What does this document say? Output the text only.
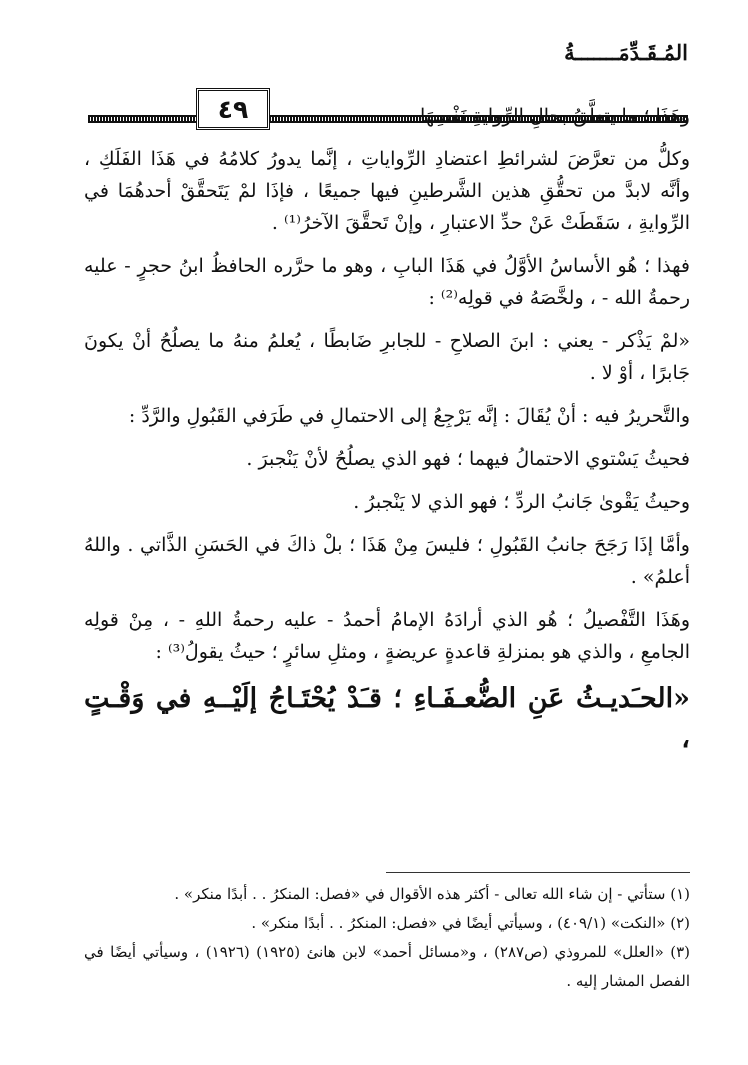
٤٩
المُـقَـدِّمَـــــــةُ

وهَذَا ؛ ما يتعلَّقُ بحالِ الرِّوايةِ نَفْسِهَا .

وكلُّ من تعرَّضَ لشرائطِ اعتضادِ الرِّواياتِ ، إنَّما يدورُ كلامُهُ في هَذَا الفَلَكِ ، وأنَّه لابدَّ من تحقُّقِ هذين الشَّرطينِ فيها جميعًا ، فإذَا لمْ يَتَحقَّقْ أحدهُمَا في الرِّوايةِ ، سَقَطَتْ عَنْ حدِّ الاعتبارِ ، وإنْ تَحقَّقَ الآخرُ⁽¹⁾ .

فهذا ؛ هُو الأساسُ الأوَّلُ في هَذَا البابِ ، وهو ما حرَّره الحافظُ ابنُ حجرٍ - عليه رحمةُ الله - ، ولخَّصَهُ في قولِه⁽²⁾ :

«لمْ يَذْكر - يعني : ابنَ الصلاحِ - للجابرِ ضَابطًا ، يُعلمُ منهُ ما يصلُحُ أنْ يكونَ جَابرًا ، أوْ لا .

والتَّحريرُ فيه : أنْ يُقَالَ : إنَّه يَرْجِعُ إلى الاحتمالِ في طَرَفي القَبُولِ والرَّدِّ :

فحيثُ يَسْتوي الاحتمالُ فيهما ؛ فهو الذي يصلُحُ لأنْ يَنْجبرَ .

وحيثُ يَقْوىٰ جَانبُ الردِّ ؛ فهو الذي لا يَنْجبرُ .

وأمَّا إذَا رَجَحَ جانبُ القَبُولِ ؛ فليسَ مِنْ هَذَا ؛ بلْ ذاكَ في الحَسَنِ الذَّاتي . واللهُ أعلمُ» .

وهَذَا التَّفْصيلُ ؛ هُو الذي أرادَهُ الإمامُ أحمدُ - عليه رحمةُ اللهِ - ، مِنْ قولِه الجامعِ ، والذي هو بمنزلةِ قاعدةٍ عريضةٍ ، ومثلِ سائرٍ ؛ حيثُ يقولُ⁽³⁾ :

«الحـَديـثُ عَنِ الضُّعـفَـاءِ ؛ قـَدْ يُحْتَـاجُ إلَيْــهِ في وَقْـتٍ ،

(١) ستأتي - إن شاء الله تعالى - أكثر هذه الأقوال في «فصل: المنكرُ . . أبدًا منكر» .

(٢) «النكت» (٤٠٩/١) ، وسيأتي أيضًا في «فصل: المنكرُ . . أبدًا منكر» .

(٣) «العلل» للمروذي (ص٢٨٧) ، و«مسائل أحمد» لابن هانئ (١٩٢٥) (١٩٢٦) ، وسيأتي أيضًا في الفصل المشار إليه .
